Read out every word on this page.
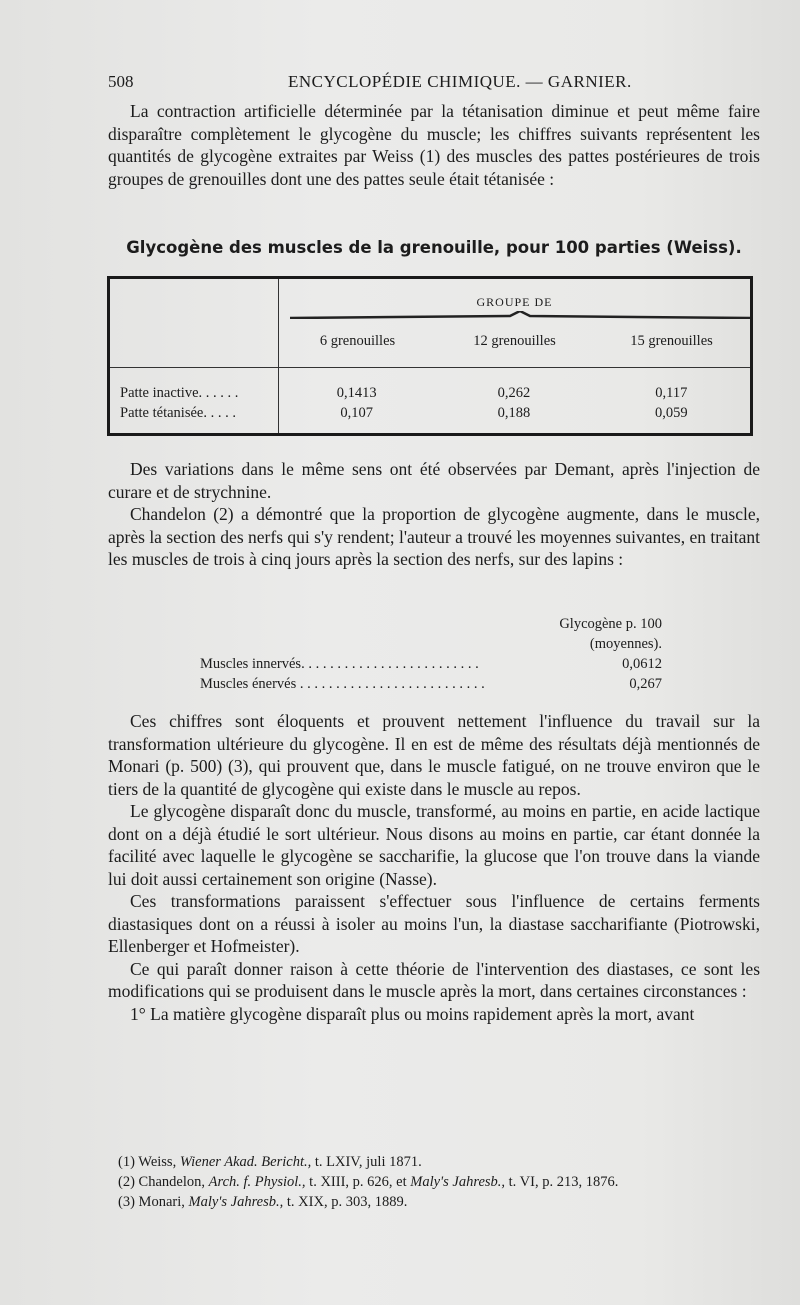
508	ENCYCLOPÉDIE CHIMIQUE. — GARNIER.

La contraction artificielle déterminée par la tétanisation diminue et peut même faire disparaître complètement le glycogène du muscle; les chiffres suivants représentent les quantités de glycogène extraites par Weiss (1) des muscles des pattes postérieures de trois groupes de grenouilles dont une des pattes seule était tétanisée :

Glycogène des muscles de la grenouille, pour 100 parties (Weiss).
GROUPE DE
6 grenouilles	12 grenouilles	15 grenouilles
Patte inactive. . . . . .	0,1413	0,262	0,117
Patte tétanisée. . . . .	0,107	0,188	0,059

Des variations dans le même sens ont été observées par Demant, après l'injection de curare et de strychnine.

Chandelon (2) a démontré que la proportion de glycogène augmente, dans le muscle, après la section des nerfs qui s'y rendent; l'auteur a trouvé les moyennes suivantes, en traitant les muscles de trois à cinq jours après la section des nerfs, sur des lapins :

Glycogène p. 100
(moyennes).
Muscles innervés. . . . . . . . . . . . . . . . . . . . . . . . .	0,0612
Muscles énervés . . . . . . . . . . . . . . . . . . . . . . . . . .	0,267

Ces chiffres sont éloquents et prouvent nettement l'influence du travail sur la transformation ultérieure du glycogène. Il en est de même des résultats déjà mentionnés de Monari (p. 500) (3), qui prouvent que, dans le muscle fatigué, on ne trouve environ que le tiers de la quantité de glycogène qui existe dans le muscle au repos.

Le glycogène disparaît donc du muscle, transformé, au moins en partie, en acide lactique dont on a déjà étudié le sort ultérieur. Nous disons au moins en partie, car étant donnée la facilité avec laquelle le glycogène se saccharifie, la glucose que l'on trouve dans la viande lui doit aussi certainement son origine (Nasse).

Ces transformations paraissent s'effectuer sous l'influence de certains ferments diastasiques dont on a réussi à isoler au moins l'un, la diastase saccharifiante (Piotrowski, Ellenberger et Hofmeister).

Ce qui paraît donner raison à cette théorie de l'intervention des diastases, ce sont les modifications qui se produisent dans le muscle après la mort, dans certaines circonstances :

1° La matière glycogène disparaît plus ou moins rapidement après la mort, avant

(1) Weiss, Wiener Akad. Bericht., t. LXIV, juli 1871.
(2) Chandelon, Arch. f. Physiol., t. XIII, p. 626, et Maly's Jahresb., t. VI, p. 213, 1876.
(3) Monari, Maly's Jahresb., t. XIX, p. 303, 1889.
